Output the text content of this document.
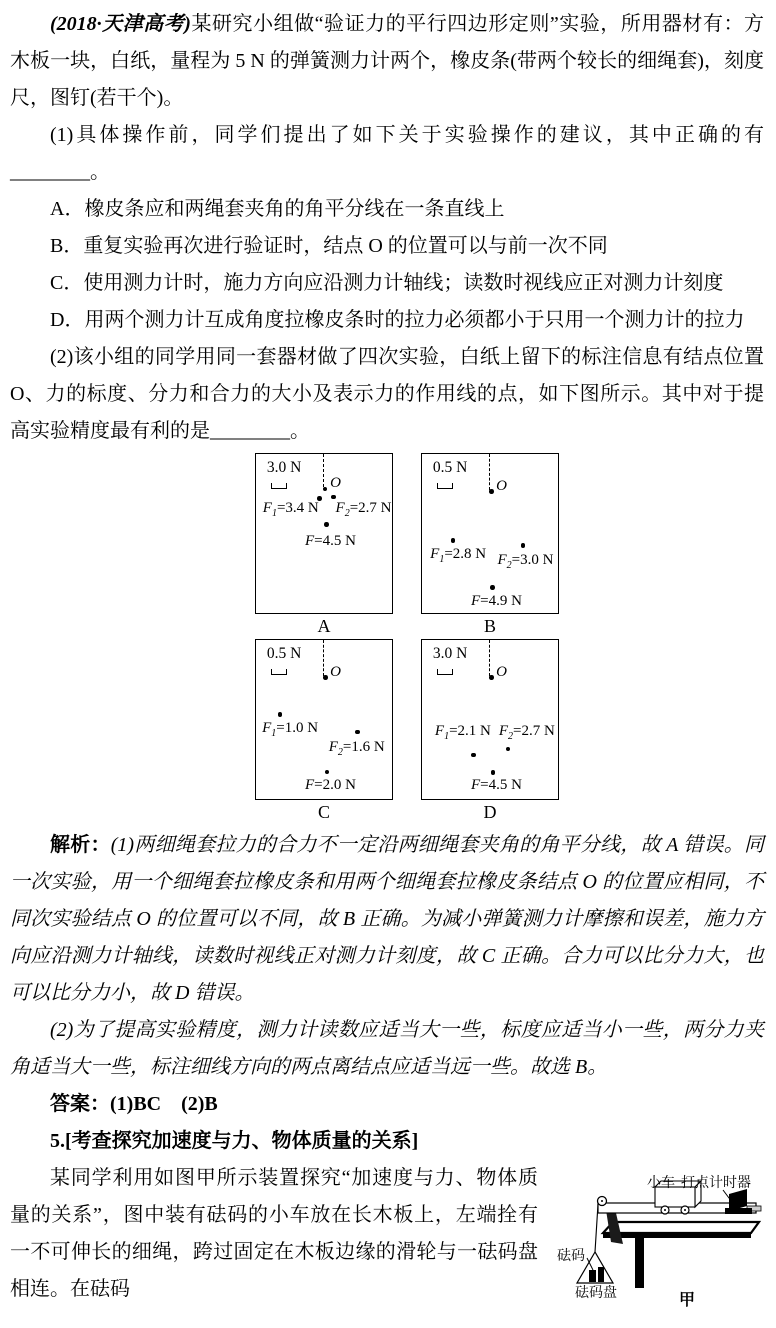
(2018·天津高考)某研究小组做“验证力的平行四边形定则”实验，所用器材有：方木板一块，白纸，量程为 5 N 的弹簧测力计两个，橡皮条(带两个较长的细绳套)，刻度尺，图钉(若干个)。

(1)具体操作前，同学们提出了如下关于实验操作的建议，其中正确的有________。

A．橡皮条应和两绳套夹角的角平分线在一条直线上

B．重复实验再次进行验证时，结点 O 的位置可以与前一次不同

C．使用测力计时，施力方向应沿测力计轴线；读数时视线应正对测力计刻度

D．用两个测力计互成角度拉橡皮条时的拉力必须都小于只用一个测力计的拉力

(2)该小组的同学用同一套器材做了四次实验，白纸上留下的标注信息有结点位置 O、力的标度、分力和合力的大小及表示力的作用线的点，如下图所示。其中对于提高实验精度最有利的是________。

3.0 N
O
$F_1=3.4$ N $F_2=2.7$ N
F=4.5 N
A
0.5 N
O
$F_1=2.8$ N $F_2=3.0$ N
F=4.9 N
B
0.5 N
O
$F_1=1.0$ N
$F_2=1.6$ N
F=2.0 N
C
3.0 N
O
$F_1=2.1$ N $F_2=2.7$ N
F=4.5 N
D

解析：(1)两细绳套拉力的合力不一定沿两细绳套夹角的角平分线，故 A 错误。同一次实验，用一个细绳套拉橡皮条和用两个细绳套拉橡皮条结点 O 的位置应相同，不同次实验结点 O 的位置可以不同，故 B 正确。为减小弹簧测力计摩擦和误差，施力方向应沿测力计轴线，读数时视线正对测力计刻度，故 C 正确。合力可以比分力大，也可以比分力小，故 D 错误。

(2)为了提高实验精度，测力计读数应适当大一些，标度应适当小一些，两分力夹角适当大一些，标注细线方向的两点离结点应适当远一些。故选 B。

答案：(1)BC　(2)B

5.[考查探究加速度与力、物体质量的关系]

小车 打点计时器
砝码
砝码盘	甲

某同学利用如图甲所示装置探究“加速度与力、物体质量的关系”，图中装有砝码的小车放在长木板上，左端拴有一不可伸长的细绳，跨过固定在木板边缘的滑轮与一砝码盘相连。在砝码
